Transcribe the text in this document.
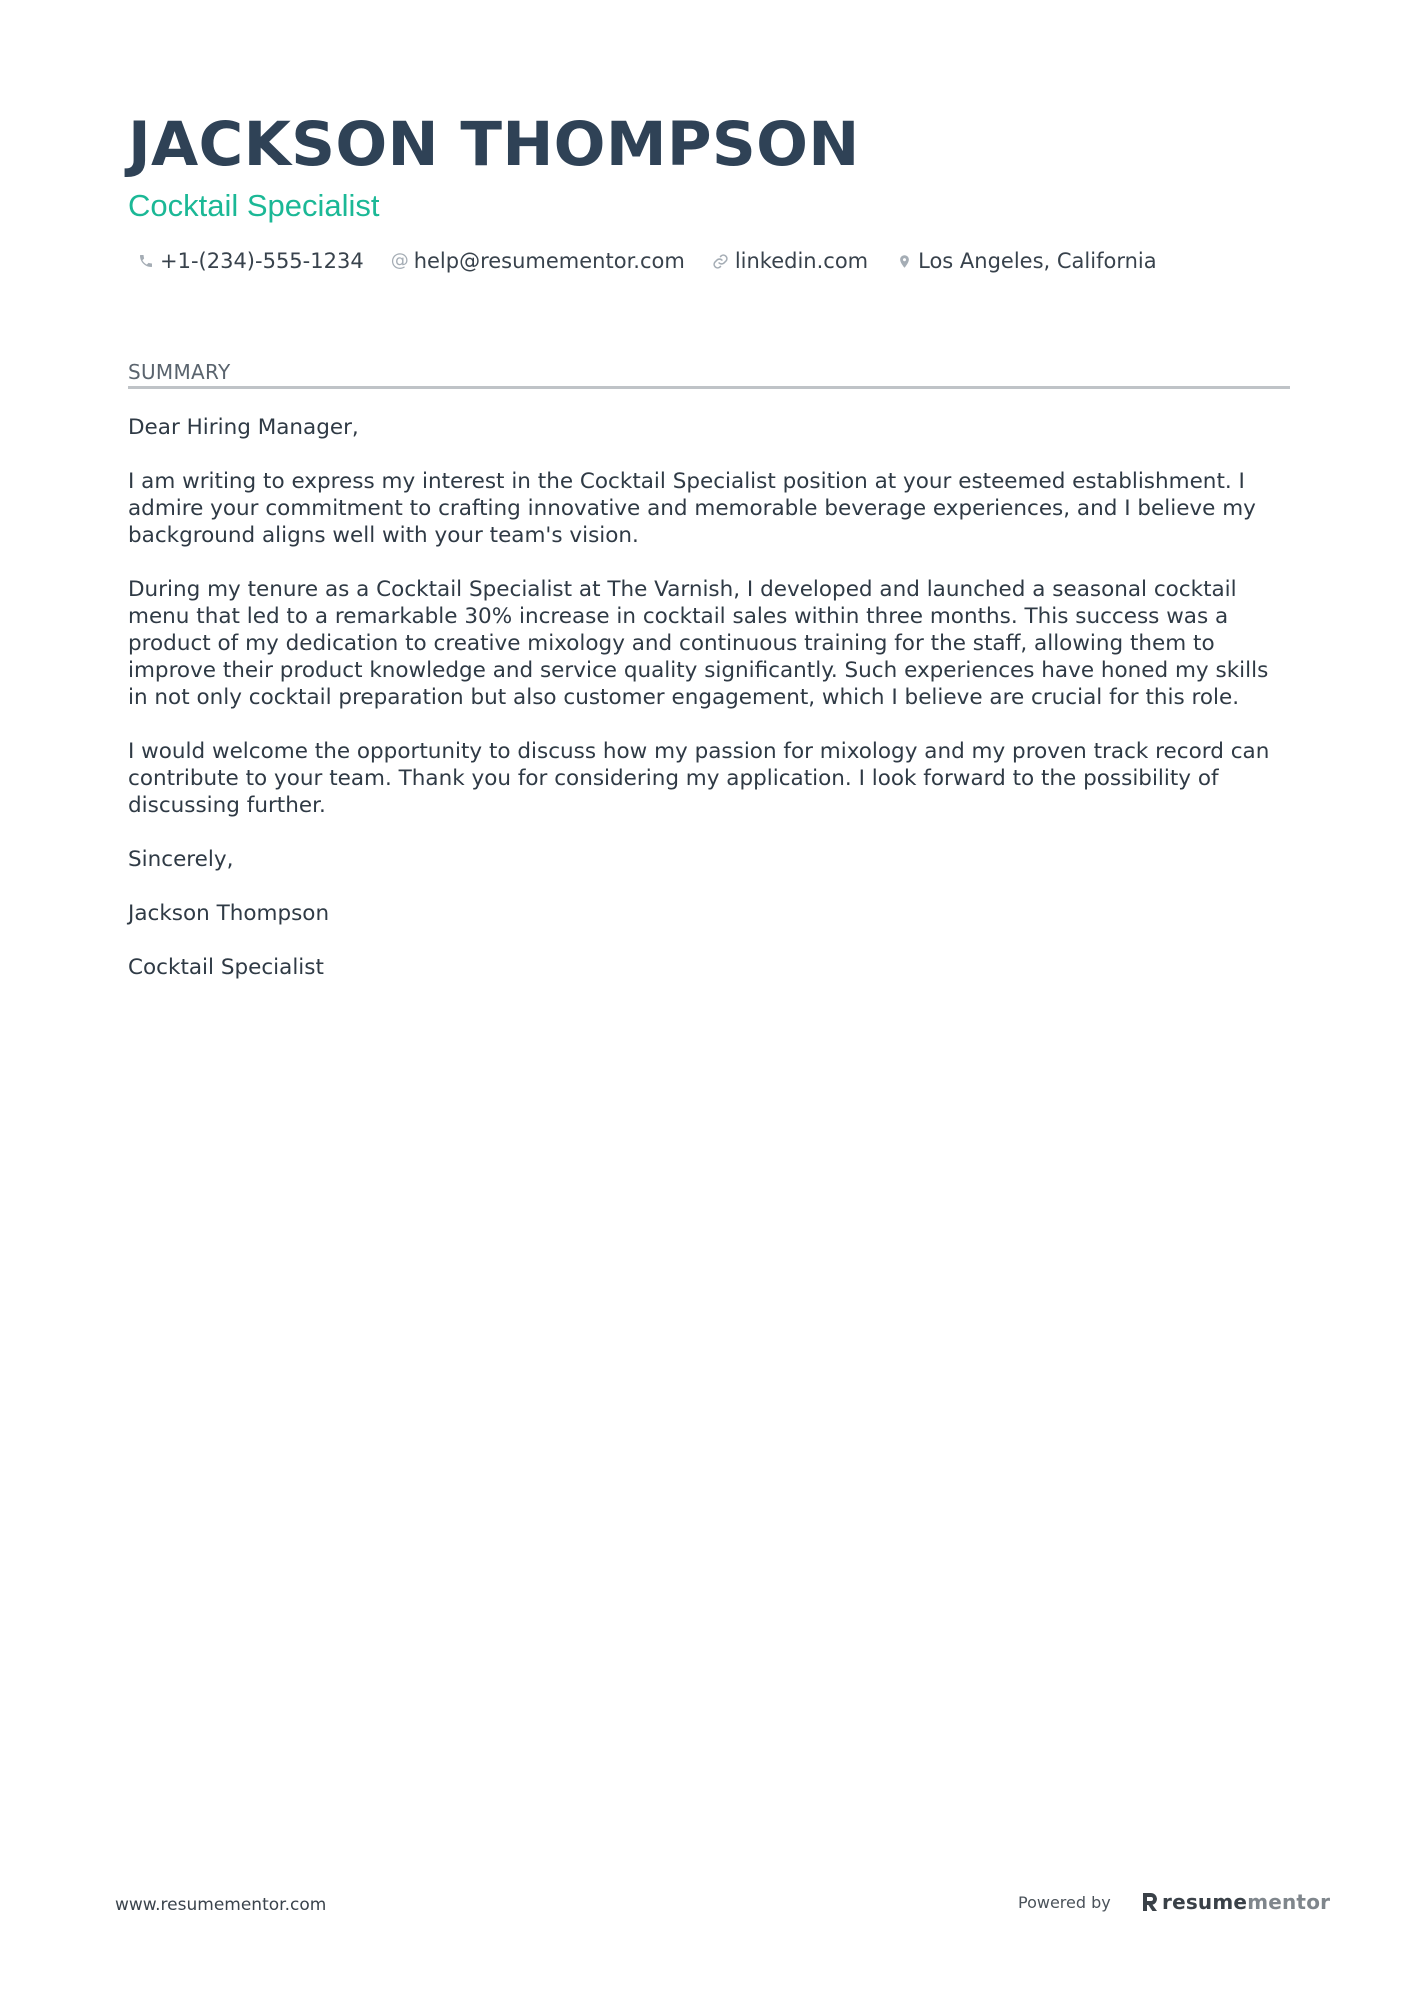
JACKSON THOMPSON
Cocktail Specialist
+1-(234)-555-1234 @ help@resumementor.com linkedin.com Los Angeles, California
SUMMARY

Dear Hiring Manager,

I am writing to express my interest in the Cocktail Specialist position at your esteemed establishment. I admire your commitment to crafting innovative and memorable beverage experiences, and I believe my background aligns well with your team's vision.

During my tenure as a Cocktail Specialist at The Varnish, I developed and launched a seasonal cocktail menu that led to a remarkable 30% increase in cocktail sales within three months. This success was a product of my dedication to creative mixology and continuous training for the staff, allowing them to improve their product knowledge and service quality significantly. Such experiences have honed my skills in not only cocktail preparation but also customer engagement, which I believe are crucial for this role.

I would welcome the opportunity to discuss how my passion for mixology and my proven track record can contribute to your team. Thank you for considering my application. I look forward to the possibility of discussing further.

Sincerely,

Jackson Thompson

Cocktail Specialist

www.resumementor.com	Powered by	resumementor
